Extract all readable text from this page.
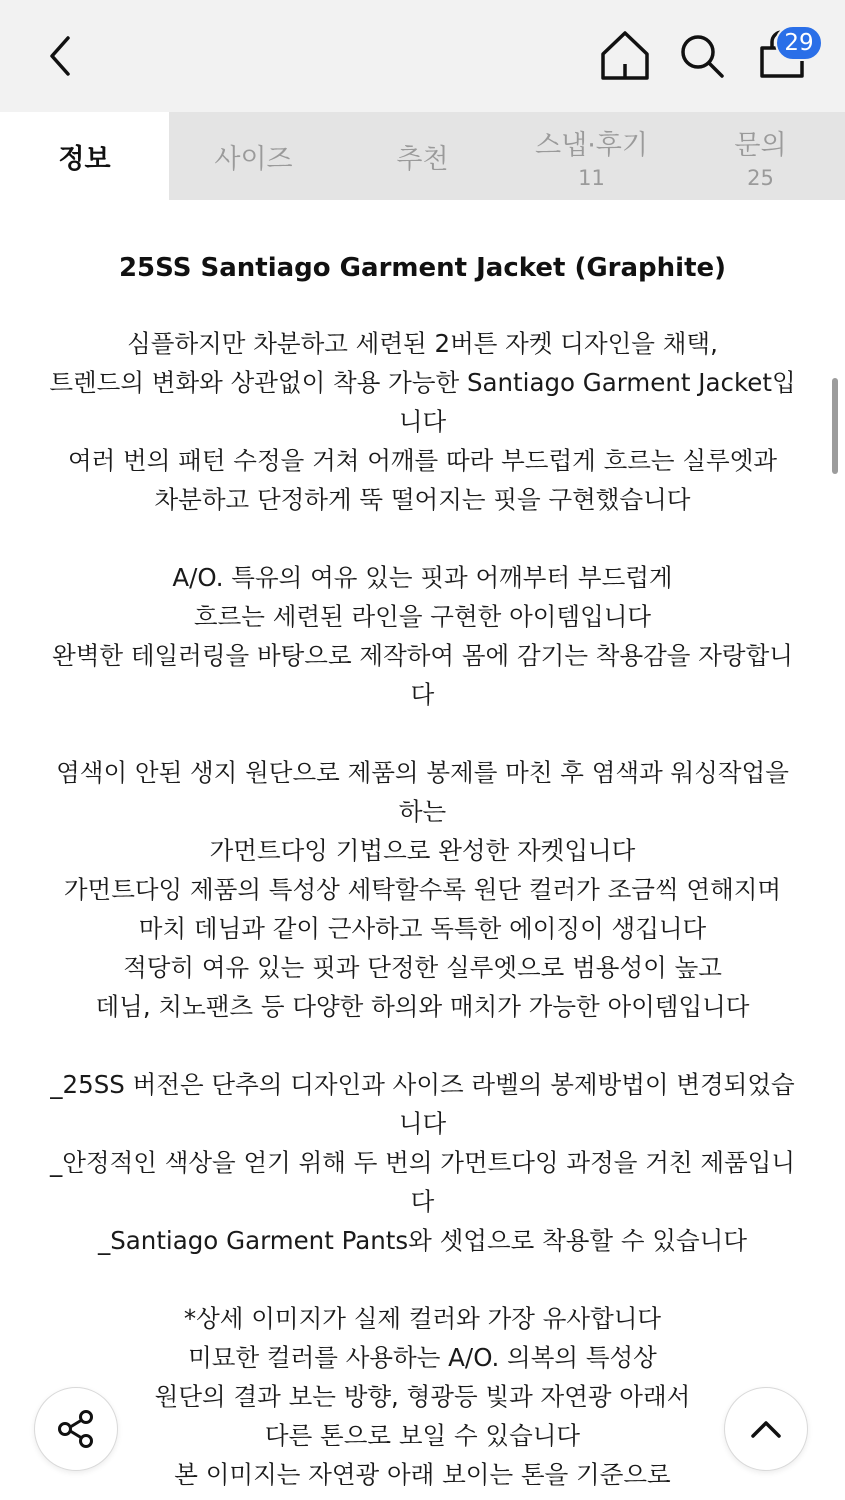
29
정보	사이즈	추천	스냅·후기
11
문의
25
25SS Santiago Garment Jacket (Graphite)
심플하지만 차분하고 세련된 2버튼 자켓 디자인을 채택,
트렌드의 변화와 상관없이 착용 가능한 Santiago Garment Jacket입
니다
여러 번의 패턴 수정을 거쳐 어깨를 따라 부드럽게 흐르는 실루엣과
차분하고 단정하게 뚝 떨어지는 핏을 구현했습니다
A/O. 특유의 여유 있는 핏과 어깨부터 부드럽게
흐르는 세련된 라인을 구현한 아이템입니다
완벽한 테일러링을 바탕으로 제작하여 몸에 감기는 착용감을 자랑합니
다
염색이 안된 생지 원단으로 제품의 봉제를 마친 후 염색과 워싱작업을
하는
가먼트다잉 기법으로 완성한 자켓입니다
가먼트다잉 제품의 특성상 세탁할수록 원단 컬러가 조금씩 연해지며
마치 데님과 같이 근사하고 독특한 에이징이 생깁니다
적당히 여유 있는 핏과 단정한 실루엣으로 범용성이 높고
데님, 치노팬츠 등 다양한 하의와 매치가 가능한 아이템입니다
_25SS 버전은 단추의 디자인과 사이즈 라벨의 봉제방법이 변경되었습
니다
_안정적인 색상을 얻기 위해 두 번의 가먼트다잉 과정을 거친 제품입니
다
_Santiago Garment Pants와 셋업으로 착용할 수 있습니다
*상세 이미지가 실제 컬러와 가장 유사합니다
미묘한 컬러를 사용하는 A/O. 의복의 특성상
원단의 결과 보는 방향, 형광등 빛과 자연광 아래서
다른 톤으로 보일 수 있습니다
본 이미지는 자연광 아래 보이는 톤을 기준으로
